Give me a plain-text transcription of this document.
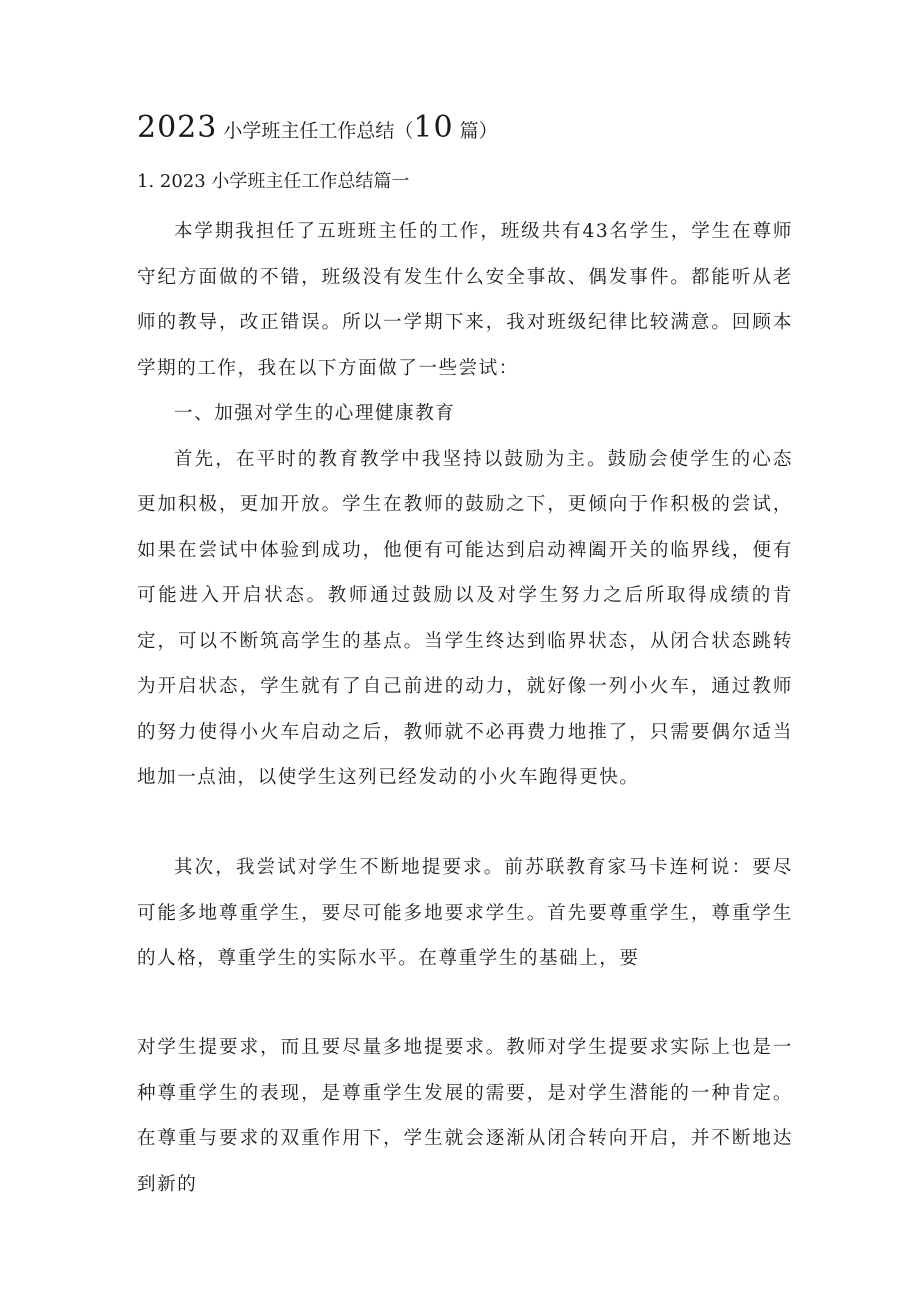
2023 小学班主任工作总结（10 篇）
1. 2023 小学班主任工作总结篇一

本学期我担任了五班班主任的工作，班级共有43名学生，学生在尊师守纪方面做的不错，班级没有发生什么安全事故、偶发事件。都能听从老师的教导，改正错误。所以一学期下来，我对班级纪律比较满意。回顾本学期的工作，我在以下方面做了一些尝试：

一、加强对学生的心理健康教育

首先，在平时的教育教学中我坚持以鼓励为主。鼓励会使学生的心态更加积极，更加开放。学生在教师的鼓励之下，更倾向于作积极的尝试，如果在尝试中体验到成功，他便有可能达到启动裨阖开关的临界线，便有可能进入开启状态。教师通过鼓励以及对学生努力之后所取得成绩的肯定，可以不断筑高学生的基点。当学生终达到临界状态，从闭合状态跳转为开启状态，学生就有了自己前进的动力，就好像一列小火车，通过教师的努力使得小火车启动之后，教师就不必再费力地推了，只需要偶尔适当地加一点油，以使学生这列已经发动的小火车跑得更快。

其次，我尝试对学生不断地提要求。前苏联教育家马卡连柯说：要尽可能多地尊重学生，要尽可能多地要求学生。首先要尊重学生，尊重学生的人格，尊重学生的实际水平。在尊重学生的基础上，要

对学生提要求，而且要尽量多地提要求。教师对学生提要求实际上也是一种尊重学生的表现，是尊重学生发展的需要，是对学生潜能的一种肯定。在尊重与要求的双重作用下，学生就会逐渐从闭合转向开启，并不断地达到新的
